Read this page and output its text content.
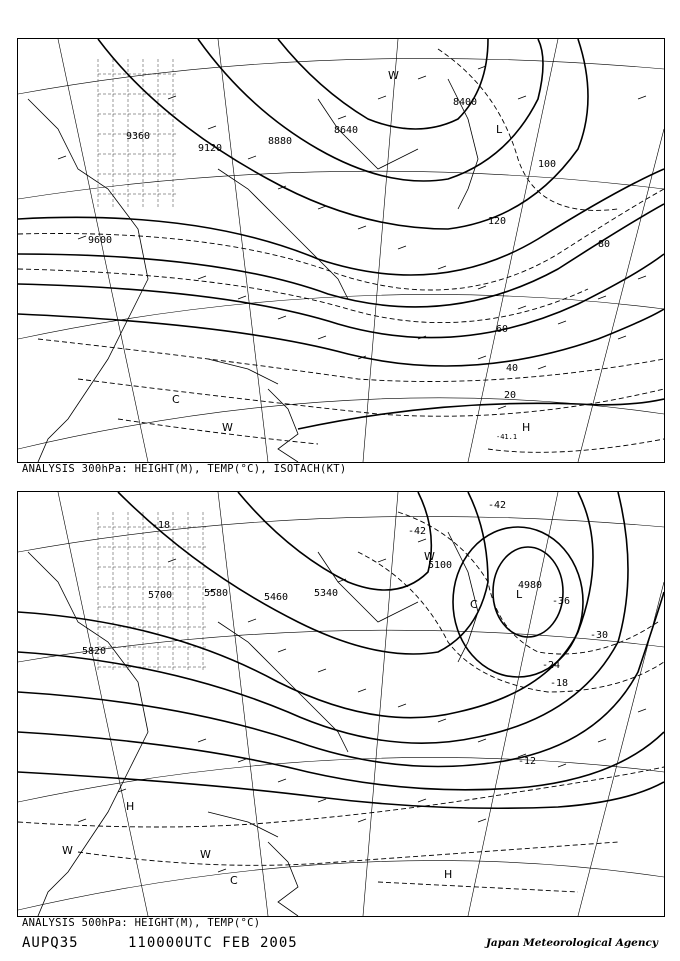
9360
9120
8880
8640
8400
9600
120
100
80
60
40
20
-41.1
L
W
C
W	H
ANALYSIS 300hPa: HEIGHT(M), TEMP(°C), ISOTACH(KT)
5700	5580	5460	5340
5100
4980
5820
-18
-42
-42
-36
-30
-24
-18
-12
L
C
W
H
W	W
C	H
ANALYSIS 500hPa: HEIGHT(M), TEMP(°C)
AUPQ35	110000UTC FEB 2005	Japan Meteorological Agency
